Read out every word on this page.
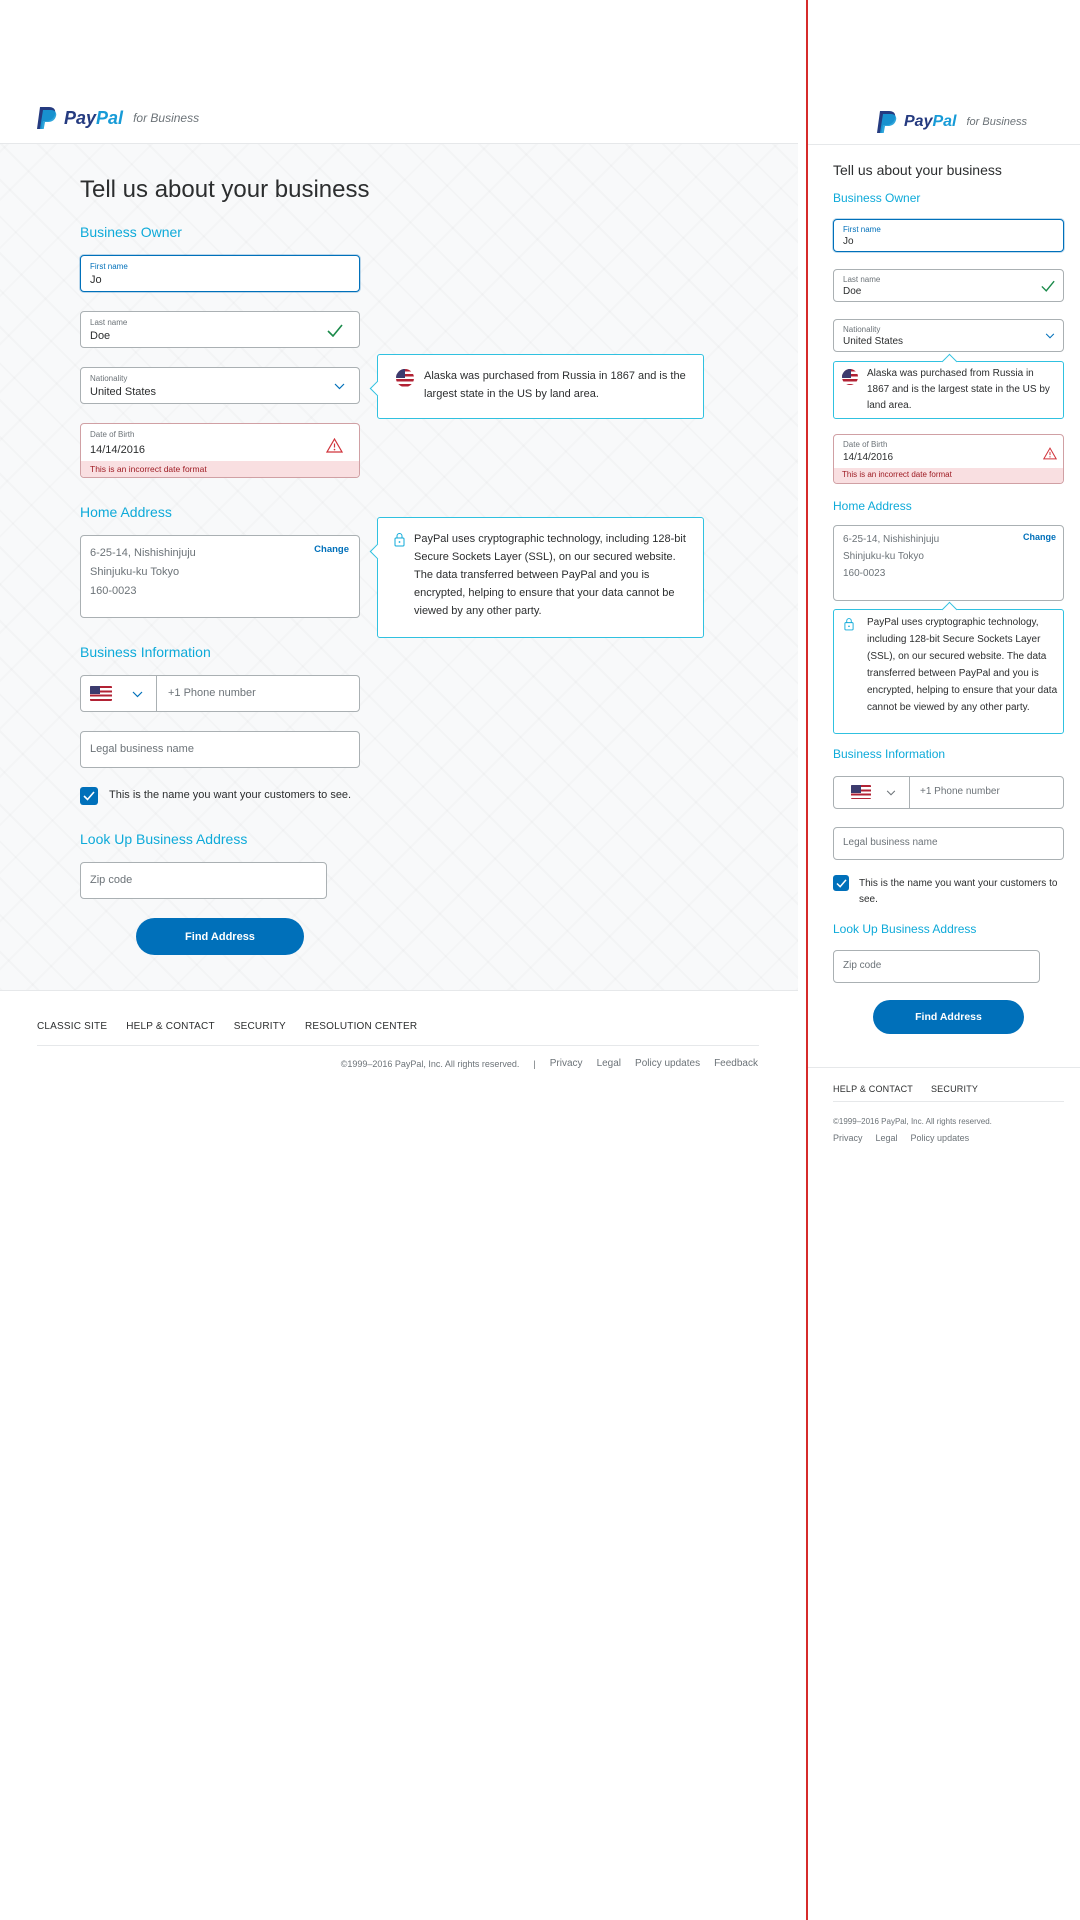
PayPal for Business
Tell us about your business
Business Owner
First name
Jo
Last name
Doe
Nationality
United States
Alaska was purchased from Russia in 1867 and is the largest state in the US by land area.
Date of Birth
14/14/2016
This is an incorrect date format
Home Address
6-25-14, Nishishinjuju
Shinjuku-ku Tokyo
160-0023
Change
PayPal uses cryptographic technology, including 128-bit Secure Sockets Layer (SSL), on our secured website. The data transferred between PayPal and you is encrypted, helping to ensure that your data cannot be viewed by any other party.
Business Information
+1 Phone number
Legal business name
This is the name you want your customers to see.
Look Up Business Address
Zip code
Find Address
CLASSIC SITE HELP & CONTACT SECURITY RESOLUTION CENTER
©1999–2016 PayPal, Inc. All rights reserved. | Privacy Legal Policy updates Feedback
PayPal for Business
Tell us about your business
Business Owner
First name
Jo
Last name
Doe
Nationality
United States
Alaska was purchased from Russia in 1867 and is the largest state in the US by land area.
Date of Birth
14/14/2016
This is an incorrect date format
Home Address
6-25-14, Nishishinjuju
Shinjuku-ku Tokyo
160-0023
Change
PayPal uses cryptographic technology, including 128-bit Secure Sockets Layer (SSL), on our secured website. The data transferred between PayPal and you is encrypted, helping to ensure that your data cannot be viewed by any other party.
Business Information
+1 Phone number
Legal business name
This is the name you want your customers to see.
Look Up Business Address
Zip code
Find Address
HELP & CONTACT SECURITY
©1999–2016 PayPal, Inc. All rights reserved.
Privacy Legal Policy updates
